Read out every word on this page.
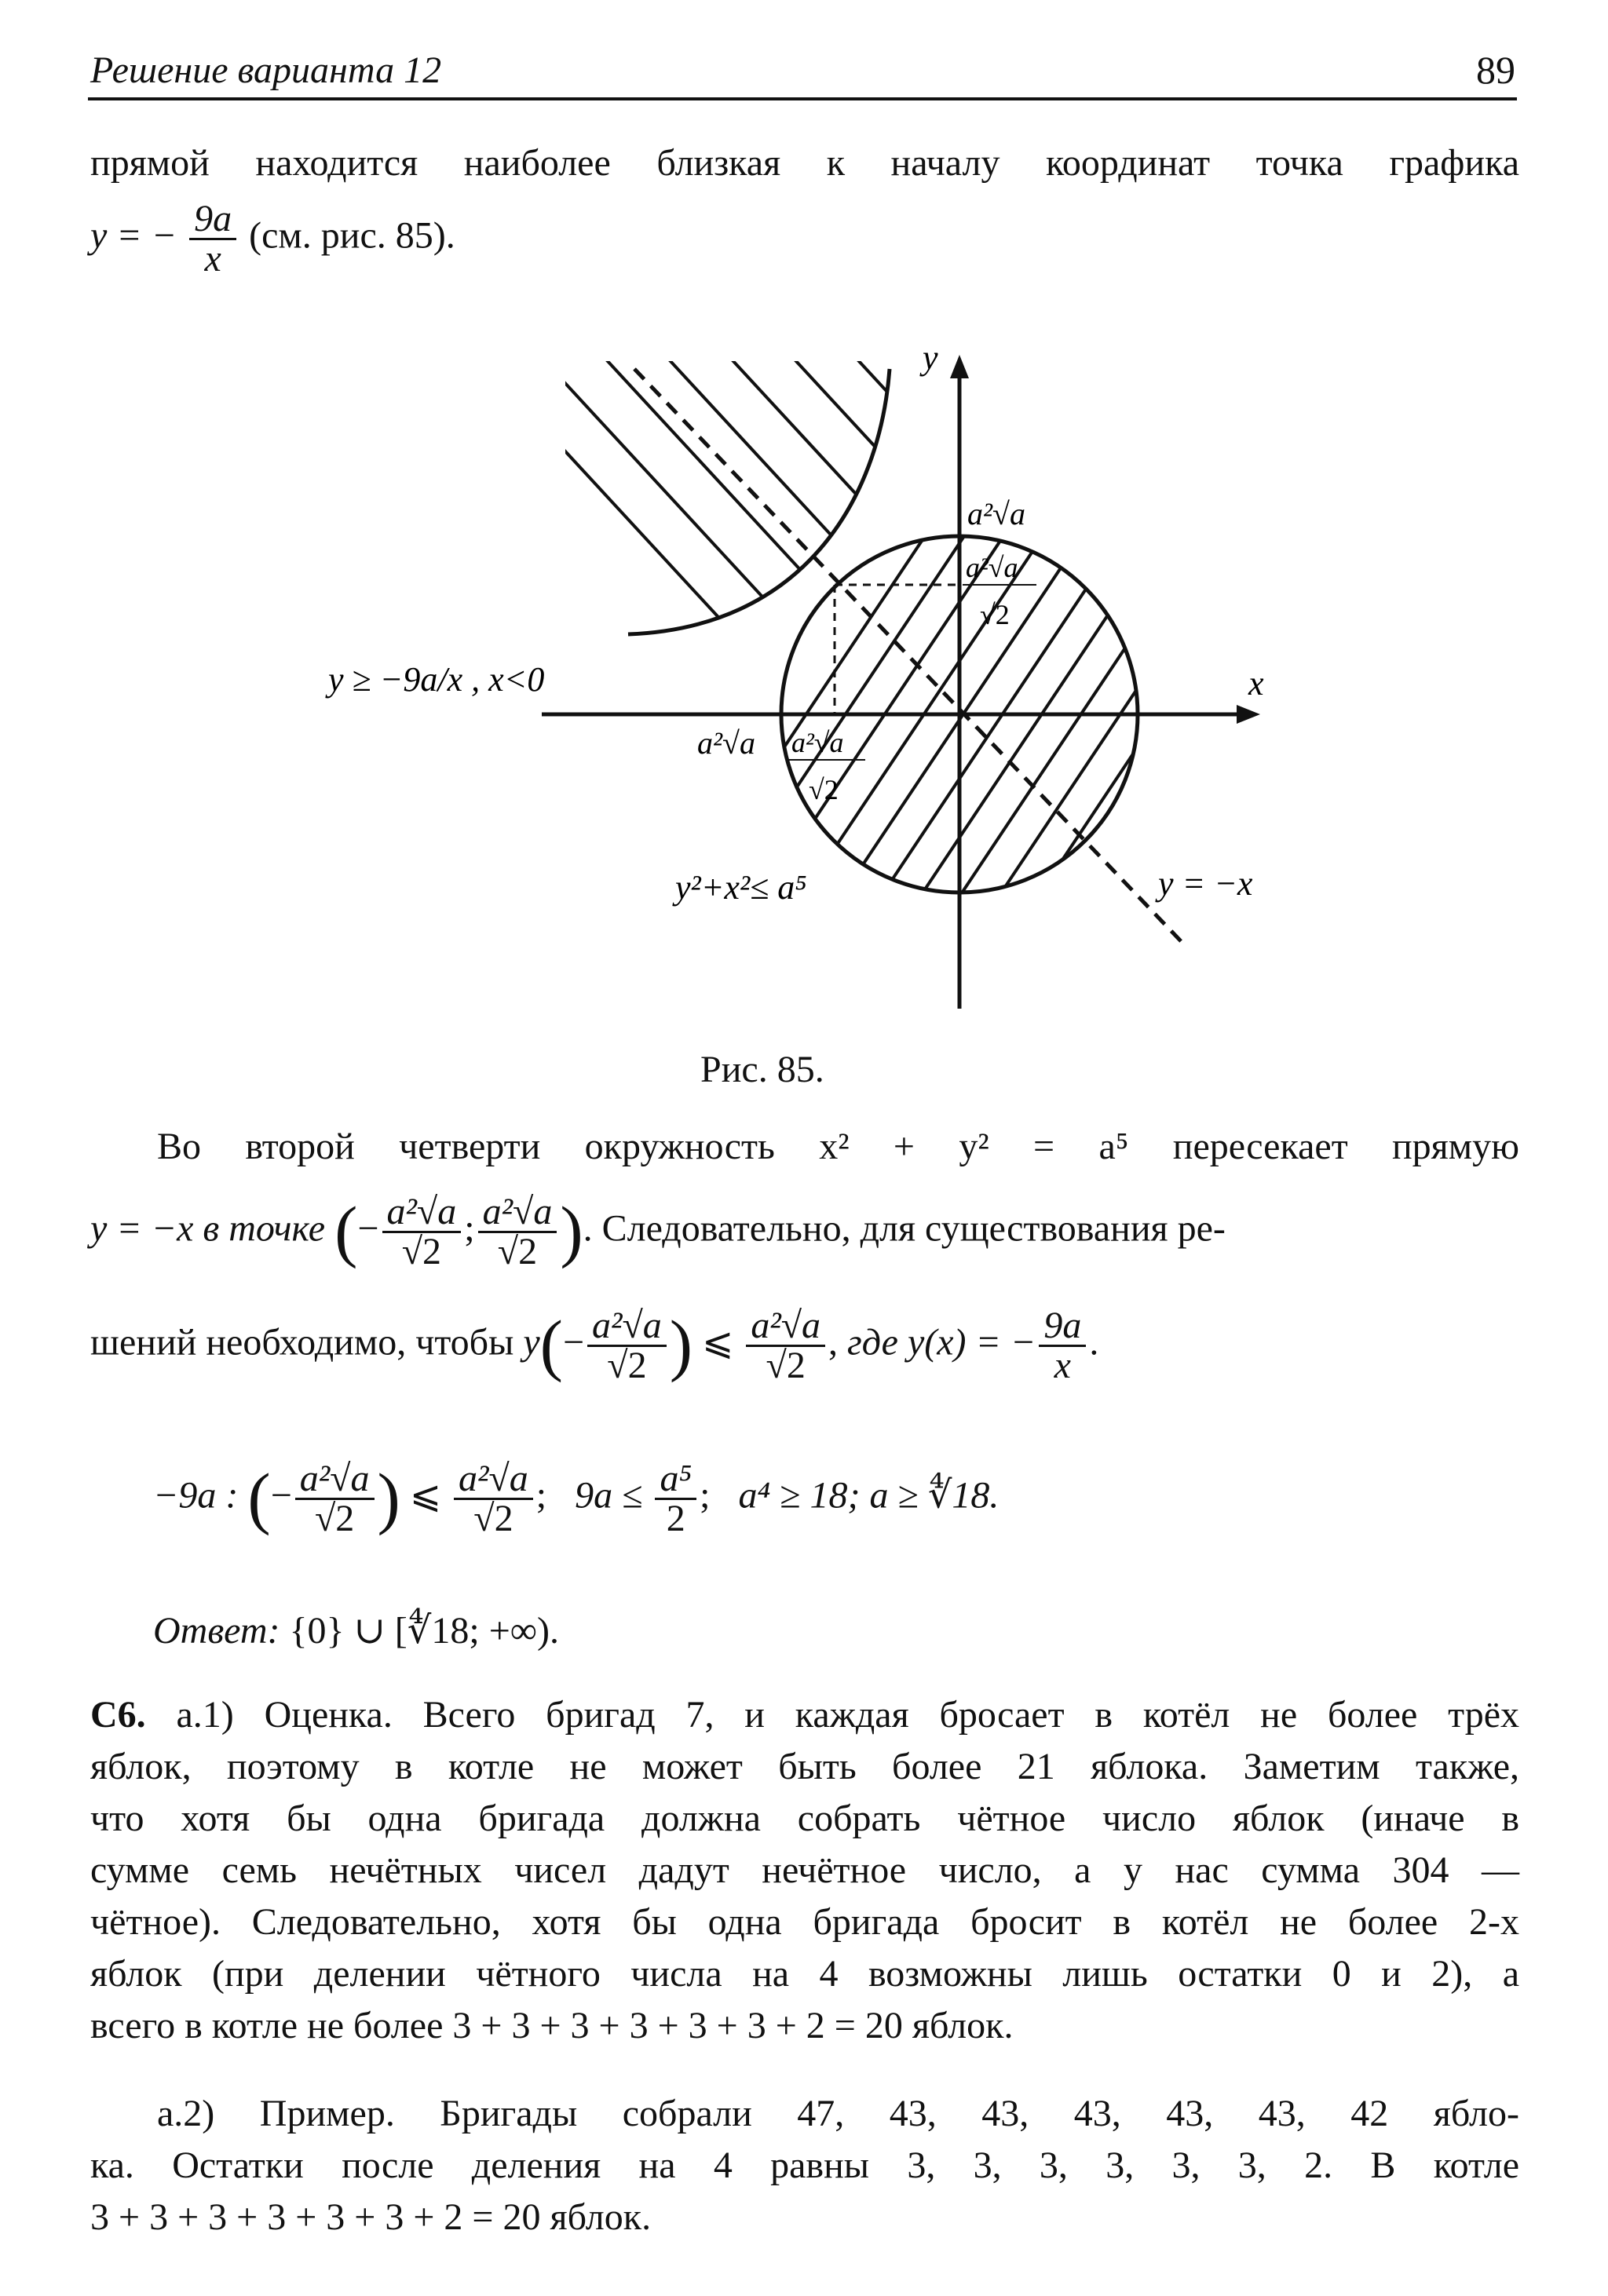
Решение варианта 12	89
прямой находится наиболее близкая к началу координат точка графика
y = − $\frac{9a}{x} (см$. рис. 85).
y
x
a²√a
a²√a
√2
a²√a a²√a
√2
y ≥ −9a/x , x<0
y²+x²≤ a⁵	y = −x
Рис. 85.
Во второй четверти окружность x² + y² = a⁵ пересекает прямую
y = −x в точке (− $\frac{\text{a²√a}}{√2}$ ; $\frac{\text{a²√a}}{√2}$ ). Следовательно, для существования ре-
шений необходимо, чтобы $y(- \frac{\text{a²√a}}{√2}$ ) ⩽ $\frac{\text{a²√a}}{√2}$ , где y(x) = − $\frac{9a}{x}$ .
−9a : (− $\frac{\text{a²√a}}{√2}$ ) ⩽ $\frac{\text{a²√a}}{√2}$ ;   $9a \le \frac{\text{a⁵}}{2}$ ;   a⁴ ≥ 18; a ≥ ∜18.
Ответ: {0} ∪ [∜18; +∞).
С6. а.1) Оценка. Всего бригад 7, и каждая бросает в котёл не более трёх
яблок, поэтому в котле не может быть более 21 яблока. Заметим также,
что хотя бы одна бригада должна собрать чётное число яблок (иначе в
сумме семь нечётных чисел дадут нечётное число, а у нас сумма 304 —
чётное). Следовательно, хотя бы одна бригада бросит в котёл не более 2-х
яблок (при делении чётного числа на 4 возможны лишь остатки 0 и 2), а
всего в котле не более 3 + 3 + 3 + 3 + 3 + 3 + 2 = 20 яблок.
а.2) Пример. Бригады собрали 47, 43, 43, 43, 43, 43, 42 ябло-
ка. Остатки после деления на 4 равны 3, 3, 3, 3, 3, 3, 2. В котле
3 + 3 + 3 + 3 + 3 + 3 + 2 = 20 яблок.
